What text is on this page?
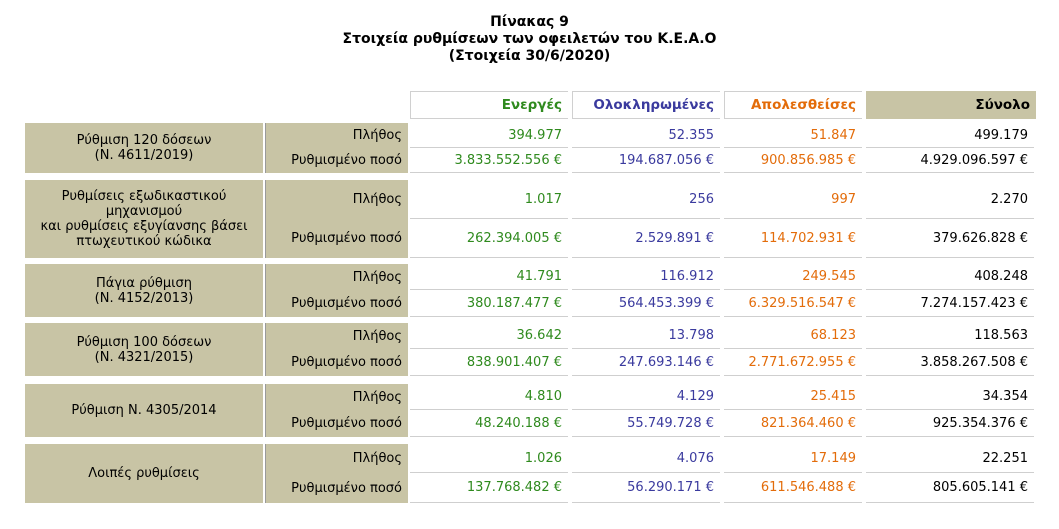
Πίνακας 9
Στοιχεία ρυθμίσεων των οφειλετών του Κ.Ε.Α.Ο
(Στοιχεία 30/6/2020)
Ενεργές	Ολοκληρωμένες	Απολεσθείσες	Σύνολο
Ρύθμιση 120 δόσεων
(Ν. 4611/2019)
Πλήθος	394.977	52.355	51.847	499.179
Ρυθμισμένο ποσό	3.833.552.556 €	194.687.056 €	900.856.985 €	4.929.096.597 €
Ρυθμίσεις εξωδικαστικού
μηχανισμού
και ρυθμίσεις εξυγίανσης βάσει
πτωχευτικού κώδικα
Πλήθος	1.017	256	997	2.270
Ρυθμισμένο ποσό	262.394.005 €	2.529.891 €	114.702.931 €	379.626.828 €
Πάγια ρύθμιση
(Ν. 4152/2013)
Πλήθος	41.791	116.912	249.545	408.248
Ρυθμισμένο ποσό	380.187.477 €	564.453.399 €	6.329.516.547 €	7.274.157.423 €
Ρύθμιση 100 δόσεων
(Ν. 4321/2015)
Πλήθος	36.642	13.798	68.123	118.563
Ρυθμισμένο ποσό	838.901.407 €	247.693.146 €	2.771.672.955 €	3.858.267.508 €
Ρύθμιση Ν. 4305/2014
Πλήθος	4.810	4.129	25.415	34.354
Ρυθμισμένο ποσό	48.240.188 €	55.749.728 €	821.364.460 €	925.354.376 €
Λοιπές ρυθμίσεις
Πλήθος	1.026	4.076	17.149	22.251
Ρυθμισμένο ποσό	137.768.482 €	56.290.171 €	611.546.488 €	805.605.141 €
